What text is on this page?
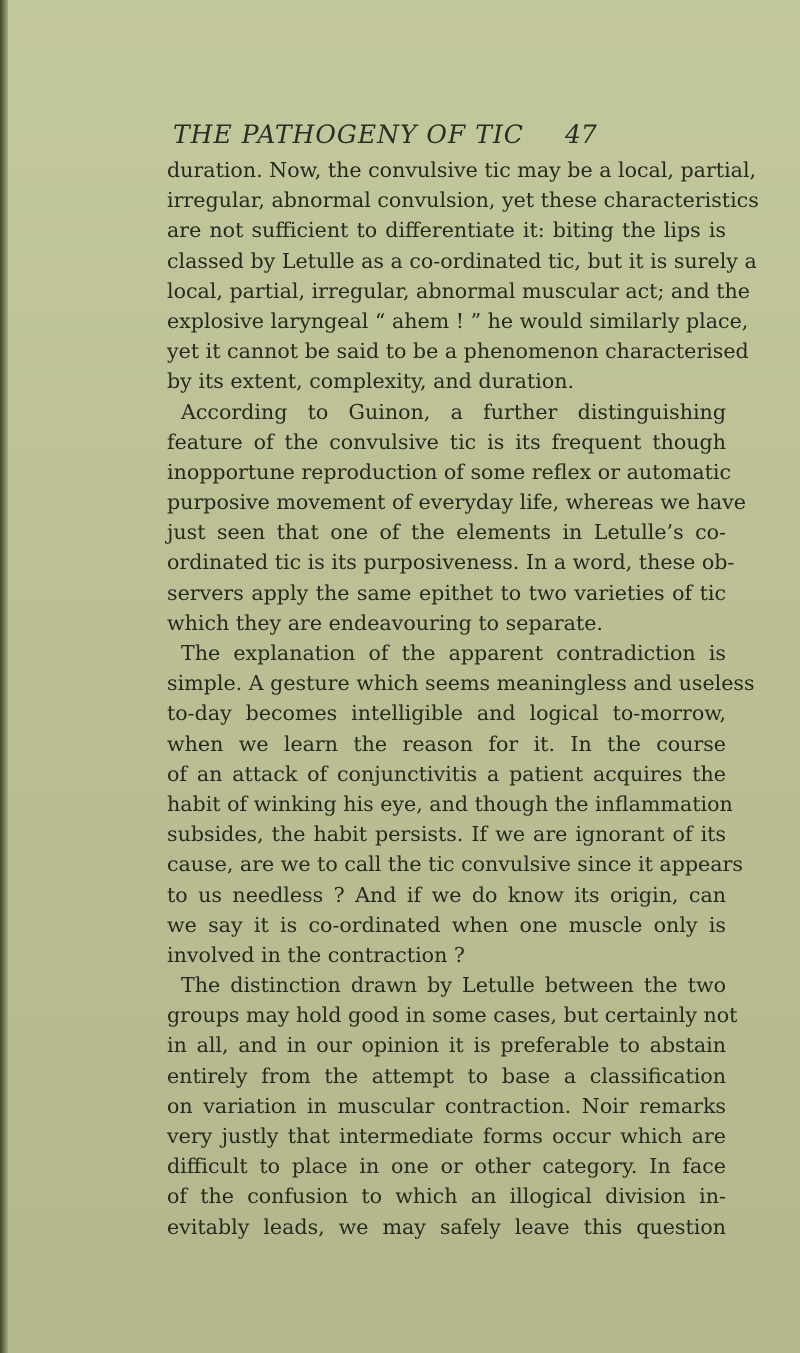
THE PATHOGENY OF TIC 47
duration. Now, the convulsive tic may be a local, partial,
irregular, abnormal convulsion, yet these characteristics
are not sufficient to differentiate it: biting the lips is
classed by Letulle as a co-ordinated tic, but it is surely a
local, partial, irregular, abnormal muscular act; and the
explosive laryngeal “ ahem ! ” he would similarly place,
yet it cannot be said to be a phenomenon characterised
by its extent, complexity, and duration.
According to Guinon, a further distinguishing
feature of the convulsive tic is its frequent though
inopportune reproduction of some reflex or automatic
purposive movement of everyday life, whereas we have
just seen that one of the elements in Letulle’s co-
ordinated tic is its purposiveness. In a word, these ob-
servers apply the same epithet to two varieties of tic
which they are endeavouring to separate.
The explanation of the apparent contradiction is
simple. A gesture which seems meaningless and useless
to-day becomes intelligible and logical to-morrow,
when we learn the reason for it. In the course
of an attack of conjunctivitis a patient acquires the
habit of winking his eye, and though the inflammation
subsides, the habit persists. If we are ignorant of its
cause, are we to call the tic convulsive since it appears
to us needless ? And if we do know its origin, can
we say it is co-ordinated when one muscle only is
involved in the contraction ?
The distinction drawn by Letulle between the two
groups may hold good in some cases, but certainly not
in all, and in our opinion it is preferable to abstain
entirely from the attempt to base a classification
on variation in muscular contraction. Noir remarks
very justly that intermediate forms occur which are
difficult to place in one or other category. In face
of the confusion to which an illogical division in-
evitably leads, we may safely leave this question
